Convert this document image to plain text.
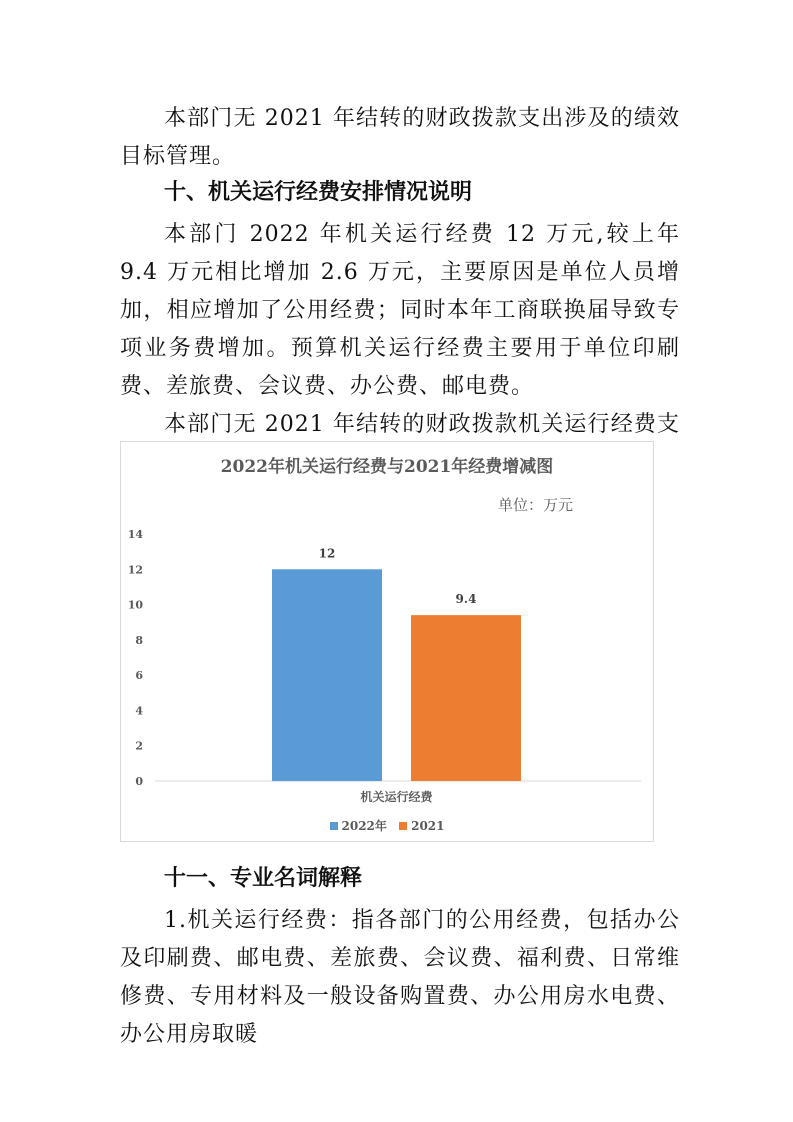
本部门无 2021 年结转的财政拨款支出涉及的绩效目标管理。

十、机关运行经费安排情况说明

本部门 2022 年机关运行经费 12 万元,较上年 9.4 万元相比增加 2.6 万元，主要原因是单位人员增加，相应增加了公用经费；同时本年工商联换届导致专项业务费增加。预算机关运行经费主要用于单位印刷费、差旅费、会议费、办公费、邮电费。

本部门无 2021 年结转的财政拨款机关运行经费支

2022年机关运行经费与2021年经费增减图
单位：万元
0
2
4
6
8
10
12
14
12
9.4
机关运行经费
2022年
2021

十一、专业名词解释

1.机关运行经费：指各部门的公用经费，包括办公及印刷费、邮电费、差旅费、会议费、福利费、日常维修费、专用材料及一般设备购置费、办公用房水电费、办公用房取暖
